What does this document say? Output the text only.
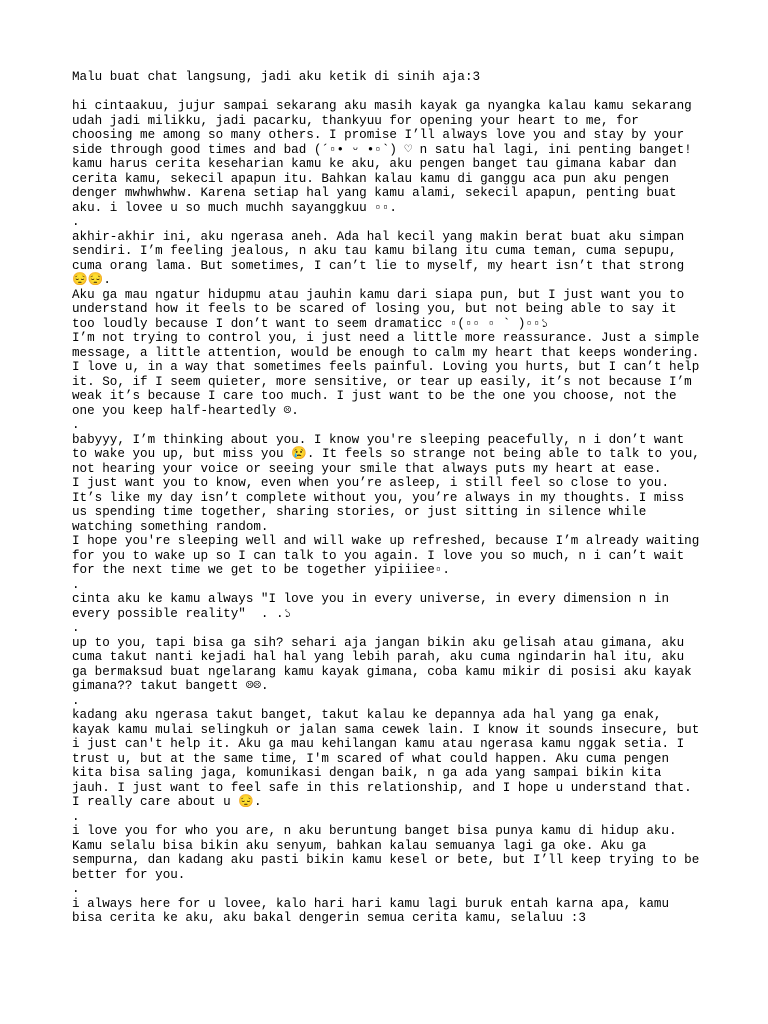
Malu buat chat langsung, jadi aku ketik di sinih aja:3
hi cintaakuu, jujur sampai sekarang aku masih kayak ga nyangka kalau kamu sekarang
udah jadi milikku, jadi pacarku, thankyuu for opening your heart to me, for
choosing me among so many others. I promise I’ll always love you and stay by your
side through good times and bad (´▫• ᵕ •▫`) ♡ n satu hal lagi, ini penting banget!
kamu harus cerita keseharian kamu ke aku, aku pengen banget tau gimana kabar dan
cerita kamu, sekecil apapun itu. Bahkan kalau kamu di ganggu aca pun aku pengen
denger mwhwhwhw. Karena setiap hal yang kamu alami, sekecil apapun, penting buat
aku. i lovee u so much muchh sayanggkuu ▫▫.
.
akhir-akhir ini, aku ngerasa aneh. Ada hal kecil yang makin berat buat aku simpan
sendiri. I’m feeling jealous, n aku tau kamu bilang itu cuma teman, cuma sepupu,
cuma orang lama. But sometimes, I can’t lie to myself, my heart isn’t that strong
😔😔.
Aku ga mau ngatur hidupmu atau jauhin kamu dari siapa pun, but I just want you to
understand how it feels to be scared of losing you, but not being able to say it
too loudly because I don’t want to seem dramaticc ▫(▫▫ ▫ ` )▫▫১
I’m not trying to control you, i just need a little more reassurance. Just a simple
message, a little attention, would be enough to calm my heart that keeps wondering.
I love u, in a way that sometimes feels painful. Loving you hurts, but I can’t help
it. So, if I seem quieter, more sensitive, or tear up easily, it’s not because I’m
weak it’s because I care too much. I just want to be the one you choose, not the
one you keep half-heartedly ☹.
.
babyyy, I’m thinking about you. I know you're sleeping peacefully, n i don’t want
to wake you up, but miss you 😢. It feels so strange not being able to talk to you,
not hearing your voice or seeing your smile that always puts my heart at ease.
I just want you to know, even when you’re asleep, i still feel so close to you.
It’s like my day isn’t complete without you, you’re always in my thoughts. I miss
us spending time together, sharing stories, or just sitting in silence while
watching something random.
I hope you're sleeping well and will wake up refreshed, because I’m already waiting
for you to wake up so I can talk to you again. I love you so much, n i can’t wait
for the next time we get to be together yipiiiee▫.
.
cinta aku ke kamu always "I love you in every universe, in every dimension n in
every possible reality"  . .১
.
up to you, tapi bisa ga sih? sehari aja jangan bikin aku gelisah atau gimana, aku
cuma takut nanti kejadi hal hal yang lebih parah, aku cuma ngindarin hal itu, aku
ga bermaksud buat ngelarang kamu kayak gimana, coba kamu mikir di posisi aku kayak
gimana?? takut bangett ☹☹.
.
kadang aku ngerasa takut banget, takut kalau ke depannya ada hal yang ga enak,
kayak kamu mulai selingkuh or jalan sama cewek lain. I know it sounds insecure, but
i just can't help it. Aku ga mau kehilangan kamu atau ngerasa kamu nggak setia. I
trust u, but at the same time, I'm scared of what could happen. Aku cuma pengen
kita bisa saling jaga, komunikasi dengan baik, n ga ada yang sampai bikin kita
jauh. I just want to feel safe in this relationship, and I hope u understand that.
I really care about u 😔.
.
i love you for who you are, n aku beruntung banget bisa punya kamu di hidup aku.
Kamu selalu bisa bikin aku senyum, bahkan kalau semuanya lagi ga oke. Aku ga
sempurna, dan kadang aku pasti bikin kamu kesel or bete, but I’ll keep trying to be
better for you.
.
i always here for u lovee, kalo hari hari kamu lagi buruk entah karna apa, kamu
bisa cerita ke aku, aku bakal dengerin semua cerita kamu, selaluu :3
